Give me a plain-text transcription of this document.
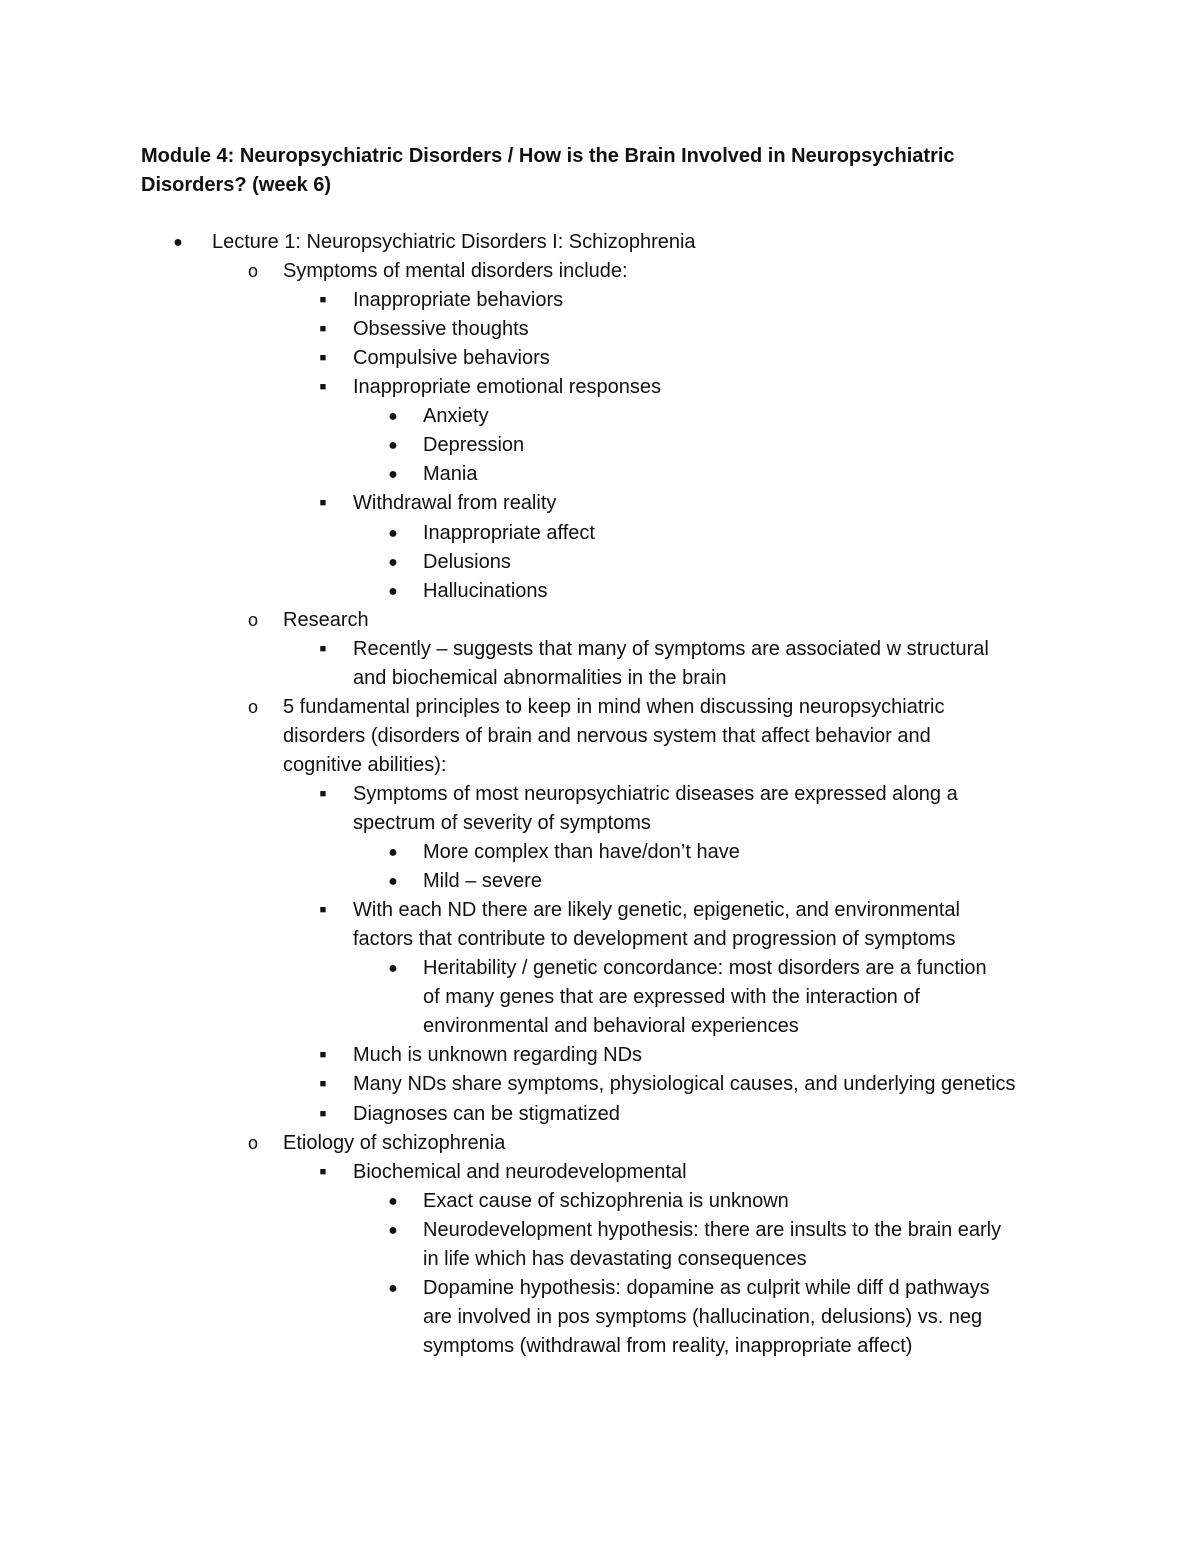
Module 4: Neuropsychiatric Disorders / How is the Brain Involved in Neuropsychiatric Disorders? (week 6)
● Lecture 1: Neuropsychiatric Disorders I: Schizophrenia

o Symptoms of mental disorders include:

■	Inappropriate behaviors

■	Obsessive thoughts

■	Compulsive behaviors

■	Inappropriate emotional responses

● Anxiety

● Depression

● Mania

■	Withdrawal from reality

● Inappropriate affect

● Delusions

● Hallucinations

o Research

■	Recently – suggests that many of symptoms are associated w structural

and biochemical abnormalities in the brain

o 5 fundamental principles to keep in mind when discussing neuropsychiatric

disorders (disorders of brain and nervous system that affect behavior and

cognitive abilities):

■	Symptoms of most neuropsychiatric diseases are expressed along a

spectrum of severity of symptoms

● More complex than have/don’t have

● Mild – severe

■	With each ND there are likely genetic, epigenetic, and environmental

factors that contribute to development and progression of symptoms

● Heritability / genetic concordance: most disorders are a function

of many genes that are expressed with the interaction of

environmental and behavioral experiences

■	Much is unknown regarding NDs

■	Many NDs share symptoms, physiological causes, and underlying genetics

■	Diagnoses can be stigmatized

o Etiology of schizophrenia

■	Biochemical and neurodevelopmental

● Exact cause of schizophrenia is unknown

● Neurodevelopment hypothesis: there are insults to the brain early

in life which has devastating consequences

● Dopamine hypothesis: dopamine as culprit while diff d pathways

are involved in pos symptoms (hallucination, delusions) vs. neg

symptoms (withdrawal from reality, inappropriate affect)
